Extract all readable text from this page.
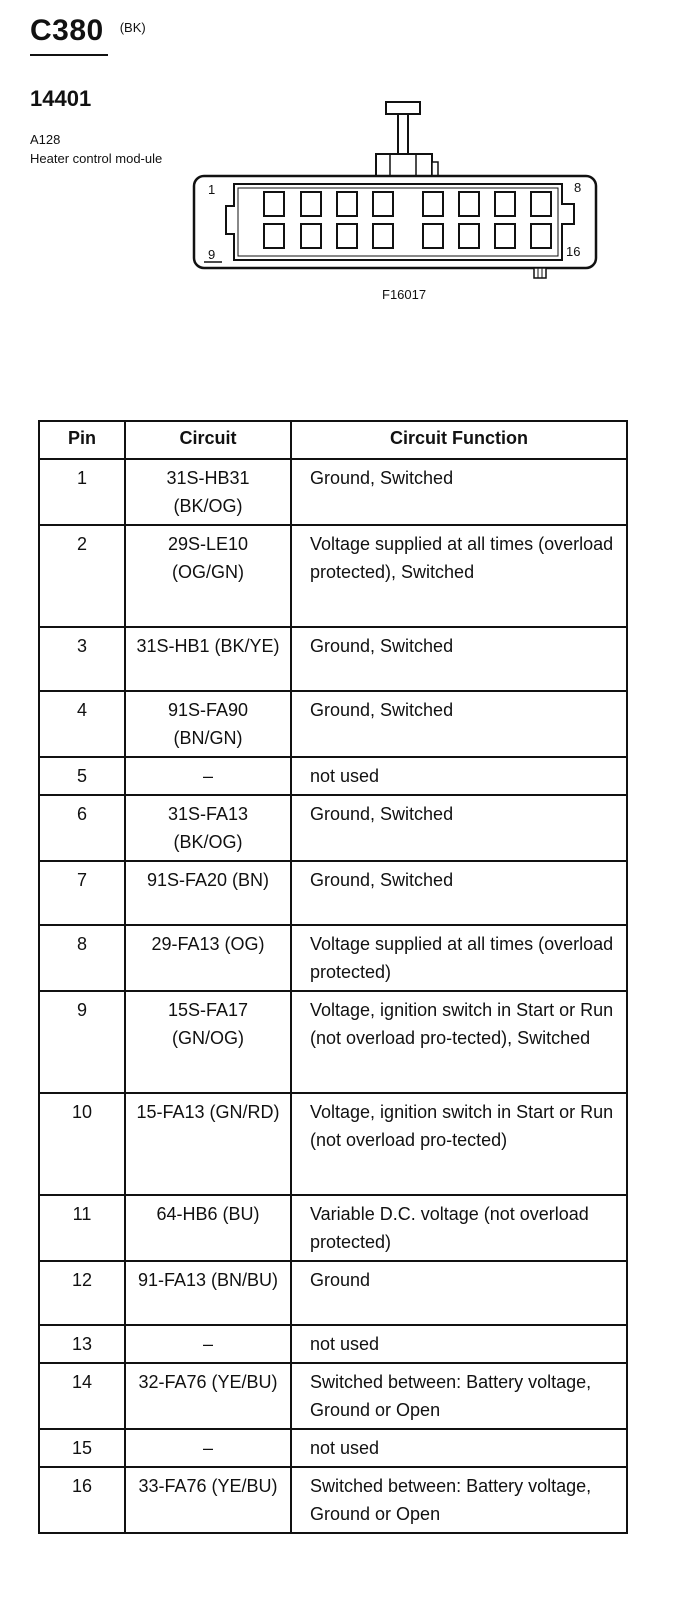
C380 $^{(BK)}$
14401
A128
Heater control mod-ule
1	8
9	16
F16017
Pin	Circuit	Circuit Function
1	31S-HB31 (BK/OG)	Ground, Switched
2	29S-LE10 (OG/GN)	Voltage supplied at all times (overload protected), Switched
3	31S-HB1 (BK/YE)	Ground, Switched
4	91S-FA90 (BN/GN)	Ground, Switched
5	–	not used
6	31S-FA13 (BK/OG)	Ground, Switched
7	91S-FA20 (BN)	Ground, Switched
8	29-FA13 (OG)	Voltage supplied at all times (overload protected)
9	15S-FA17 (GN/OG)	Voltage, ignition switch in Start or Run (not overload pro-tected), Switched
10	15-FA13 (GN/RD)	Voltage, ignition switch in Start or Run (not overload pro-tected)
11	64-HB6 (BU)	Variable D.C. voltage (not overload protected)
12	91-FA13 (BN/BU)	Ground
13	–	not used
14	32-FA76 (YE/BU)	Switched between: Battery voltage, Ground or Open
15	–	not used
16	33-FA76 (YE/BU)	Switched between: Battery voltage, Ground or Open
